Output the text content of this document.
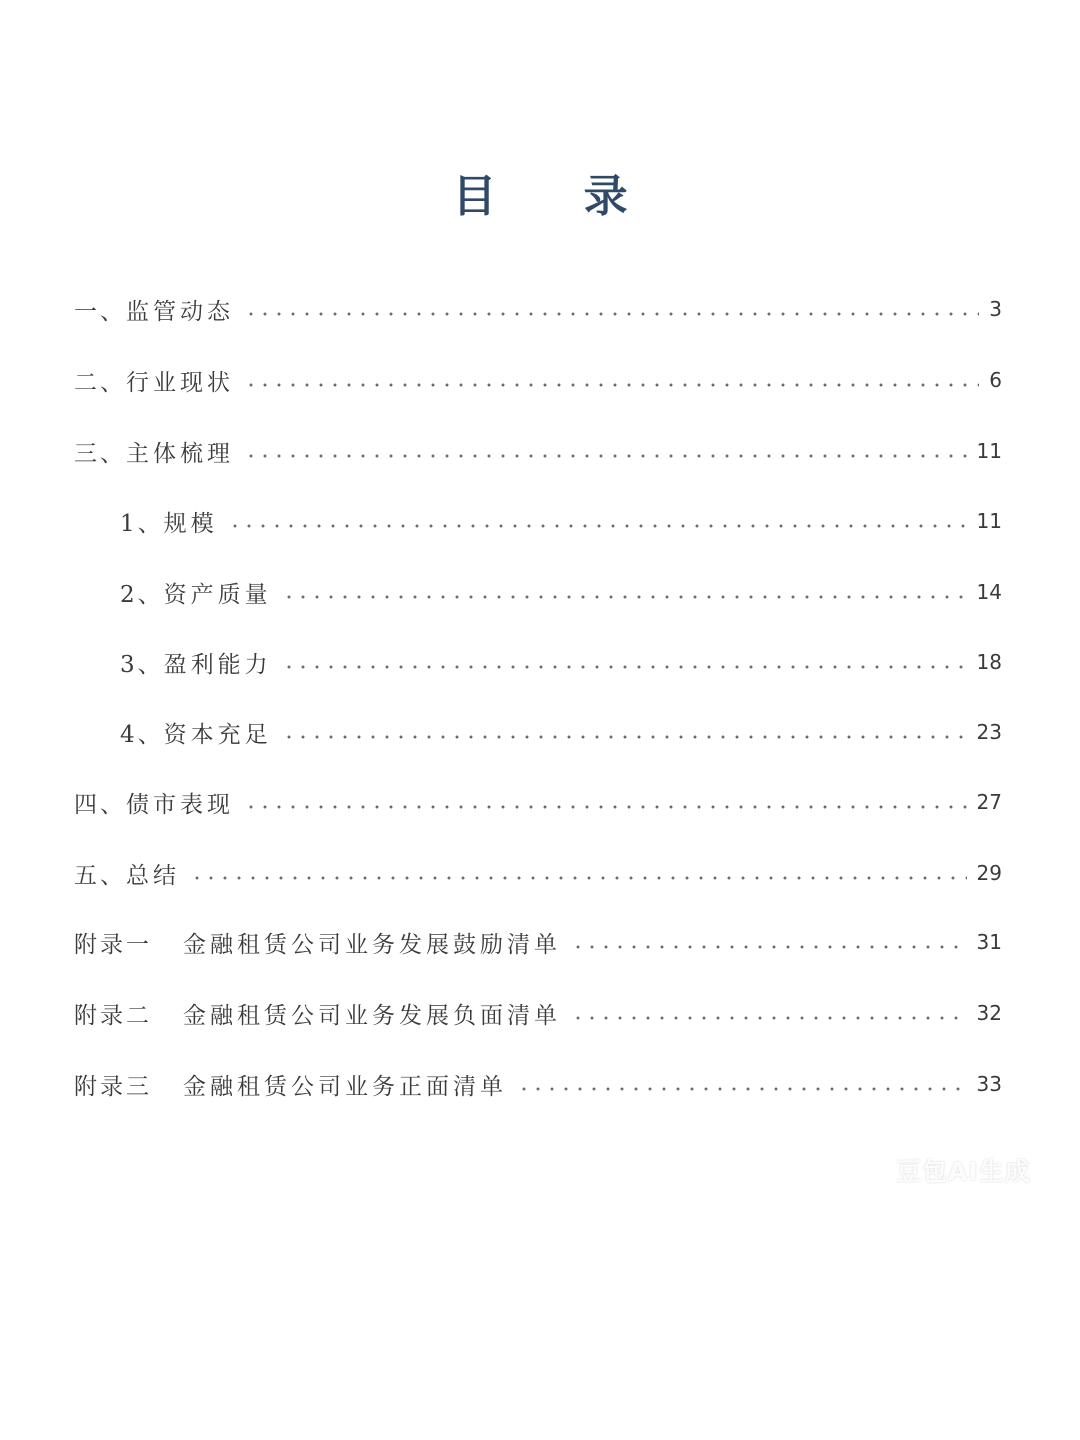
目 录
一、 监管动态	3
二、 行业现状	6
三、 主体梳理	11
1、 规模	11
2、 资产质量	14
3、 盈利能力	18
4、 资本充足	23
四、 债市表现	27
五、 总结	29
附录一 金融租赁公司业务发展鼓励清单	31
附录二 金融租赁公司业务发展负面清单	32
附录三 金融租赁公司业务正面清单	33
豆包AI生成
